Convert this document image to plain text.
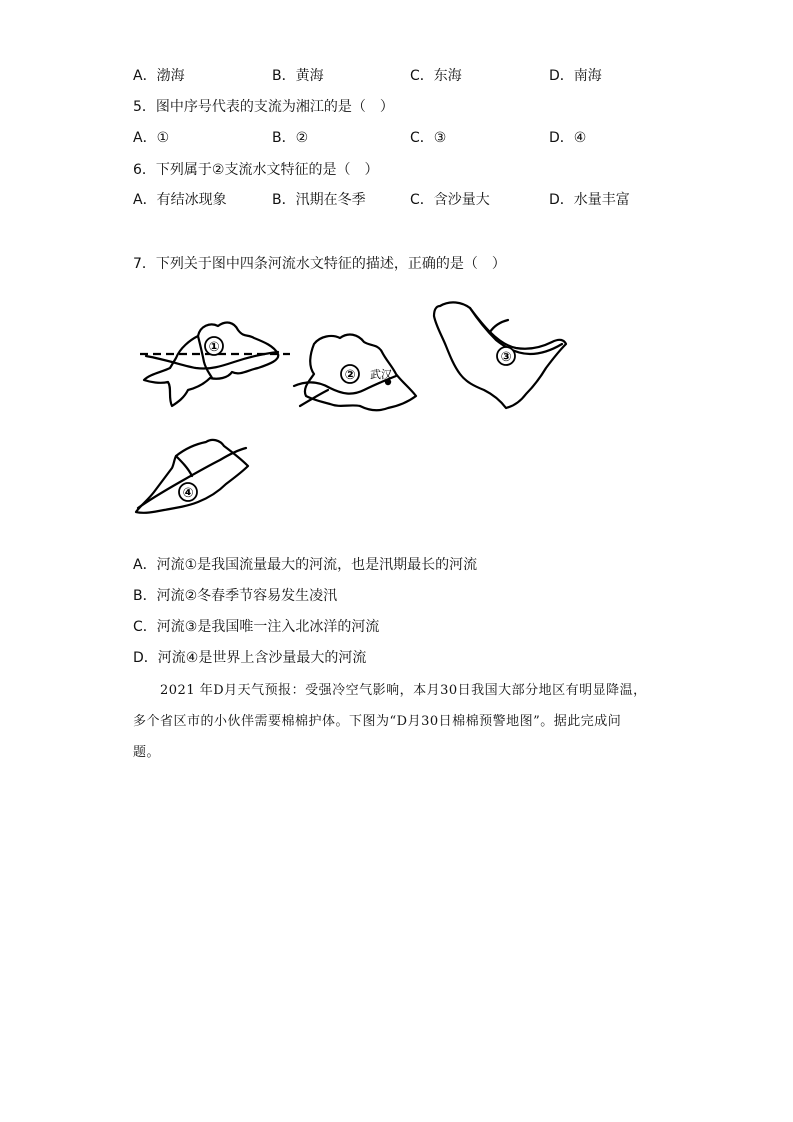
A．渤海	B．黄海	C．东海	D．南海
5．图中序号代表的支流为湘江的是（　）
A．①	B．②	C．③	D．④
6．下列属于②支流水文特征的是（　）
A．有结冰现象	B．汛期在冬季	C．含沙量大	D．水量丰富
7．下列关于图中四条河流水文特征的描述，正确的是（　）
①
武汉
②
③
④
A．河流①是我国流量最大的河流，也是汛期最长的河流
B．河流②冬春季节容易发生凌汛
C．河流③是我国唯一注入北冰洋的河流
D．河流④是世界上含沙量最大的河流
2021 年D月天气预报：受强冷空气影响，本月30日我国大部分地区有明显降温，
多个省区市的小伙伴需要棉棉护体。下图为“D月30日棉棉预警地图”。据此完成问
题。
